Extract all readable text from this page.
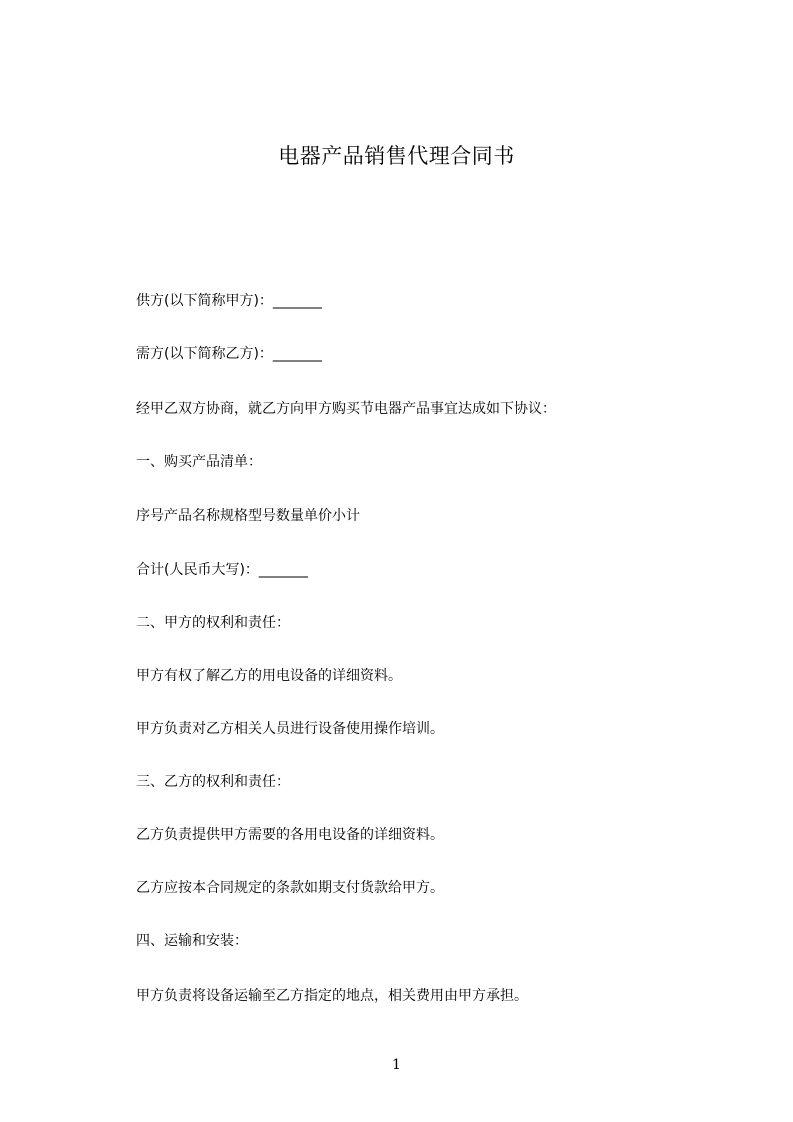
电器产品销售代理合同书
供方(以下简称甲方)：_______
需方(以下简称乙方)：_______
经甲乙双方协商，就乙方向甲方购买节电器产品事宜达成如下协议：
一、购买产品清单：
序号产品名称规格型号数量单价小计
合计(人民币大写)：_______
二、甲方的权利和责任：
甲方有权了解乙方的用电设备的详细资料。
甲方负责对乙方相关人员进行设备使用操作培训。
三、乙方的权利和责任：
乙方负责提供甲方需要的各用电设备的详细资料。
乙方应按本合同规定的条款如期支付货款给甲方。
四、运输和安装：
甲方负责将设备运输至乙方指定的地点，相关费用由甲方承担。
1
